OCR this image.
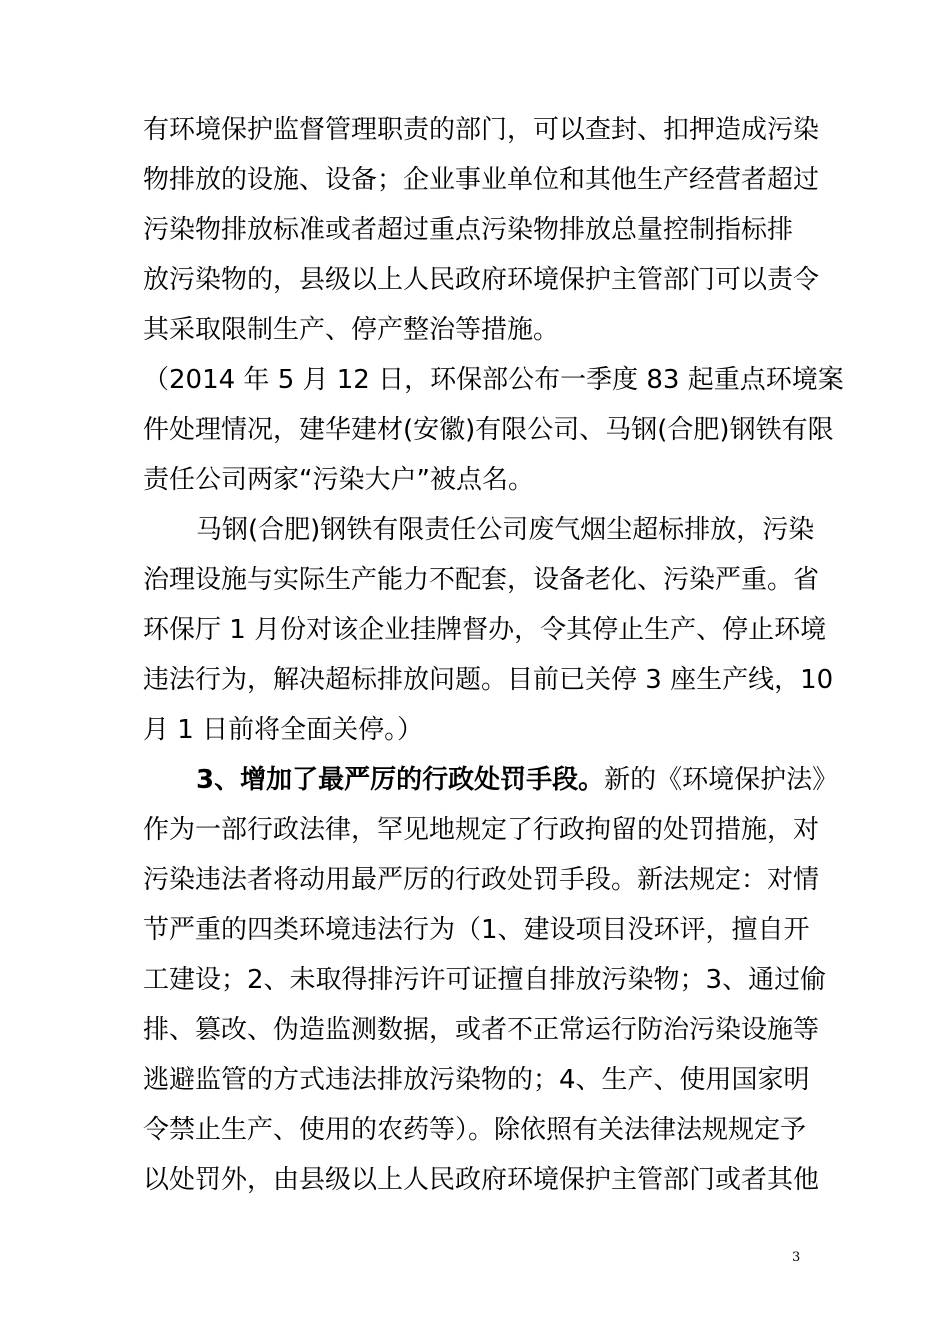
有环境保护监督管理职责的部门，可以查封、扣押造成污染
物排放的设施、设备；企业事业单位和其他生产经营者超过
污染物排放标准或者超过重点污染物排放总量控制指标排
放污染物的，县级以上人民政府环境保护主管部门可以责令
其采取限制生产、停产整治等措施。
（2014 年 5 月 12 日，环保部公布一季度 83 起重点环境案
件处理情况，建华建材(安徽)有限公司、马钢(合肥)钢铁有限
责任公司两家“污染大户”被点名。
马钢(合肥)钢铁有限责任公司废气烟尘超标排放，污染
治理设施与实际生产能力不配套，设备老化、污染严重。省
环保厅 1 月份对该企业挂牌督办，令其停止生产、停止环境
违法行为，解决超标排放问题。目前已关停 3 座生产线，10
月 1 日前将全面关停。）
3、增加了最严厉的行政处罚手段。新的《环境保护法》
作为一部行政法律，罕见地规定了行政拘留的处罚措施，对
污染违法者将动用最严厉的行政处罚手段。新法规定：对情
节严重的四类环境违法行为（1、建设项目没环评，擅自开
工建设；2、未取得排污许可证擅自排放污染物；3、通过偷
排、篡改、伪造监测数据，或者不正常运行防治污染设施等
逃避监管的方式违法排放污染物的；4、生产、使用国家明
令禁止生产、使用的农药等）。除依照有关法律法规规定予
以处罚外，由县级以上人民政府环境保护主管部门或者其他
3
